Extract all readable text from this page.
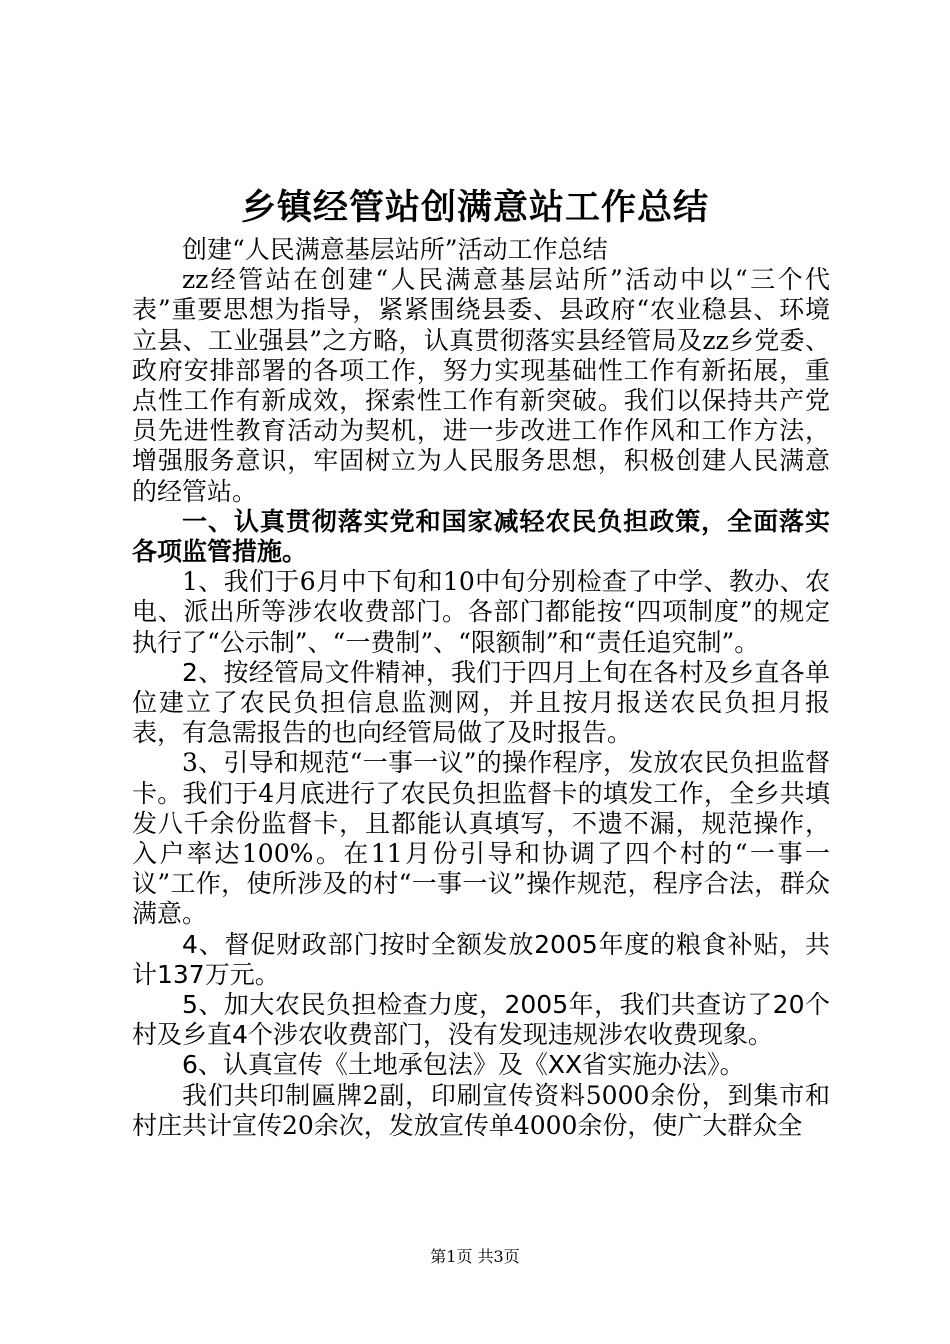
乡镇经管站创满意站工作总结

创建“人民满意基层站所”活动工作总结

zz经管站在创建“人民满意基层站所”活动中以“三个代表”重要思想为指导，紧紧围绕县委、县政府“农业稳县、环境立县、工业强县”之方略，认真贯彻落实县经管局及zz乡党委、政府安排部署的各项工作，努力实现基础性工作有新拓展，重点性工作有新成效，探索性工作有新突破。我们以保持共产党员先进性教育活动为契机，进一步改进工作作风和工作方法，增强服务意识，牢固树立为人民服务思想，积极创建人民满意的经管站。

一、认真贯彻落实党和国家减轻农民负担政策，全面落实各项监管措施。

1、我们于6月中下旬和10中旬分别检查了中学、教办、农电、派出所等涉农收费部门。各部门都能按“四项制度”的规定执行了“公示制”、“一费制”、“限额制”和“责任追究制”。

2、按经管局文件精神，我们于四月上旬在各村及乡直各单位建立了农民负担信息监测网，并且按月报送农民负担月报表，有急需报告的也向经管局做了及时报告。

3、引导和规范“一事一议”的操作程序，发放农民负担监督卡。我们于4月底进行了农民负担监督卡的填发工作，全乡共填发八千余份监督卡，且都能认真填写，不遗不漏，规范操作，入户率达100%。在11月份引导和协调了四个村的“一事一议”工作，使所涉及的村“一事一议”操作规范，程序合法，群众满意。

4、督促财政部门按时全额发放2005年度的粮食补贴，共计137万元。

5、加大农民负担检查力度，2005年，我们共查访了20个村及乡直4个涉农收费部门，没有发现违规涉农收费现象。

6、认真宣传《土地承包法》及《XX省实施办法》。

我们共印制匾牌2副，印刷宣传资料5000余份，到集市和村庄共计宣传20余次，发放宣传单4000余份，使广大群众全

第1页 共3页
